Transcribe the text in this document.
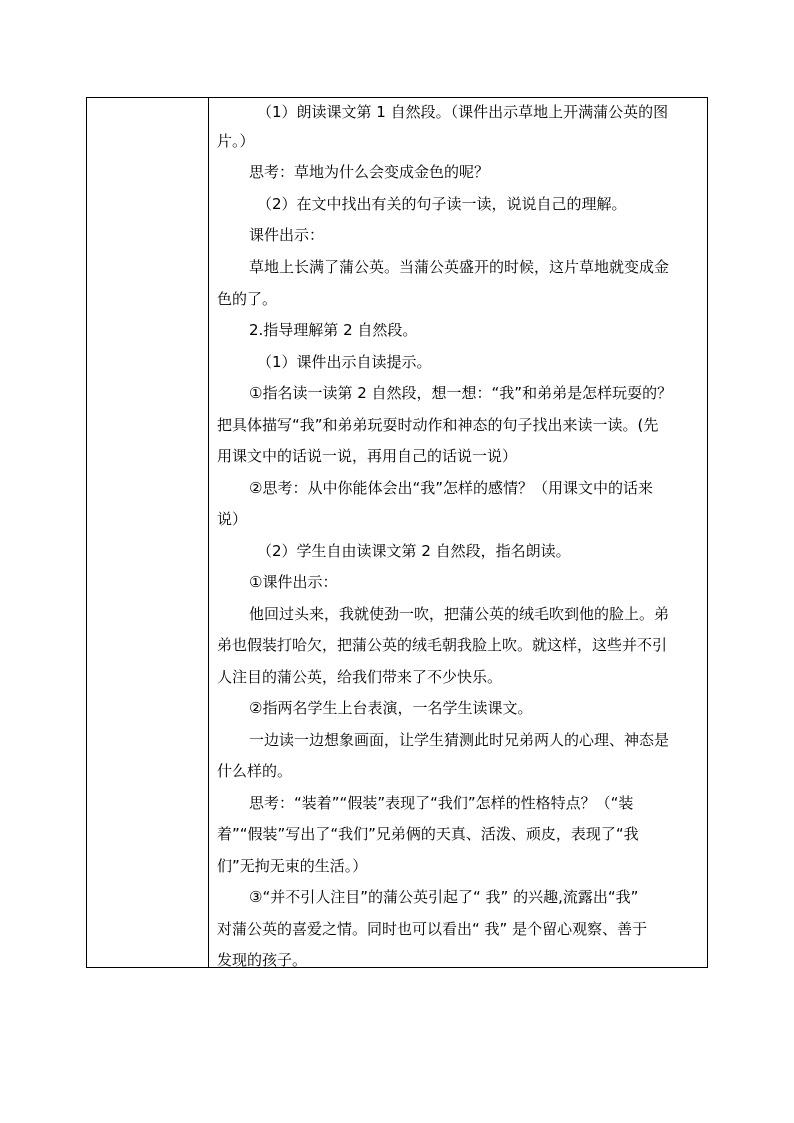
（1）朗读课文第 1 自然段。（课件出示草地上开满蒲公英的图
片。）
思考：草地为什么会变成金色的呢？
（2）在文中找出有关的句子读一读，说说自己的理解。
课件出示：
草地上长满了蒲公英。当蒲公英盛开的时候，这片草地就变成金
色的了。
2.指导理解第 2 自然段。
（1）课件出示自读提示。
①指名读一读第 2 自然段，想一想：“我”和弟弟是怎样玩耍的？
把具体描写“我”和弟弟玩耍时动作和神态的句子找出来读一读。(先
用课文中的话说一说，再用自己的话说一说）
②思考：从中你能体会出“我”怎样的感情？（用课文中的话来
说）
（2）学生自由读课文第 2 自然段，指名朗读。
①课件出示：
他回过头来，我就使劲一吹，把蒲公英的绒毛吹到他的脸上。弟
弟也假装打哈欠，把蒲公英的绒毛朝我脸上吹。就这样，这些并不引
人注目的蒲公英，给我们带来了不少快乐。
②指两名学生上台表演，一名学生读课文。
一边读一边想象画面，让学生猜测此时兄弟两人的心理、神态是
什么样的。
思考：“装着”“假装”表现了“我们”怎样的性格特点？（“装
着”“假装”写出了“我们”兄弟俩的天真、活泼、顽皮，表现了“我
们”无拘无束的生活。）
③“并不引人注目”的蒲公英引起了“ 我” 的兴趣,流露出“我”
对蒲公英的喜爱之情。同时也可以看出“ 我” 是个留心观察、善于
发现的孩子。
